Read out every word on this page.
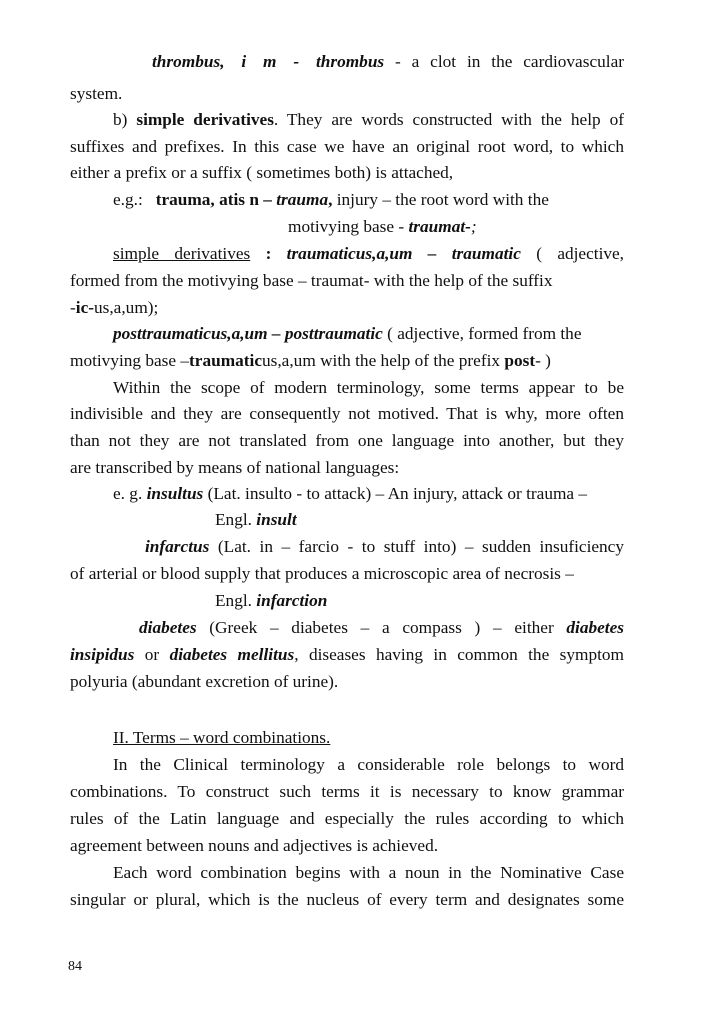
thrombus, i m - thrombus - a clot in the cardiovascular
system.
b) simple derivatives. They are words constructed with the help of
suffixes and prefixes. In this case we have an original root word, to which
either a prefix or a suffix ( sometimes both) is attached,
e.g.:   trauma, atis n – trauma, injury – the root word with the
motivying base - traumat-;
simple derivatives : traumaticus,a,um – traumatic ( adjective,
formed from the motivying base – traumat- with the help of the suffix
-ic-us,a,um);
posttraumaticus,a,um – posttraumatic ( adjective, formed from the
motivying base –traumaticus,a,um with the help of the prefix post- )
Within the scope of modern terminology, some terms appear to be
indivisible and they are consequently not motived. That is why, more often
than not they are not translated from one language into another, but they
are transcribed by means of national languages:
e. g. insultus (Lat. insulto - to attack) – An injury, attack or trauma –
Engl. insult
infarctus (Lat. in – farcio - to stuff into) – sudden insuficiency
of arterial or blood supply that produces a microscopic area of necrosis –
Engl. infarction
diabetes (Greek – diabetes – a compass ) – either diabetes
insipidus or diabetes mellitus, diseases having in common the symptom
polyuria (abundant excretion of urine).
II. Terms – word combinations.
In the Clinical terminology a considerable role belongs to word
combinations. To construct such terms it is necessary to know grammar
rules of the Latin language and especially the rules according to which
agreement between nouns and adjectives is achieved.
Each word combination begins with a noun in the Nominative Case
singular or plural, which is the nucleus of every term and designates some
84
